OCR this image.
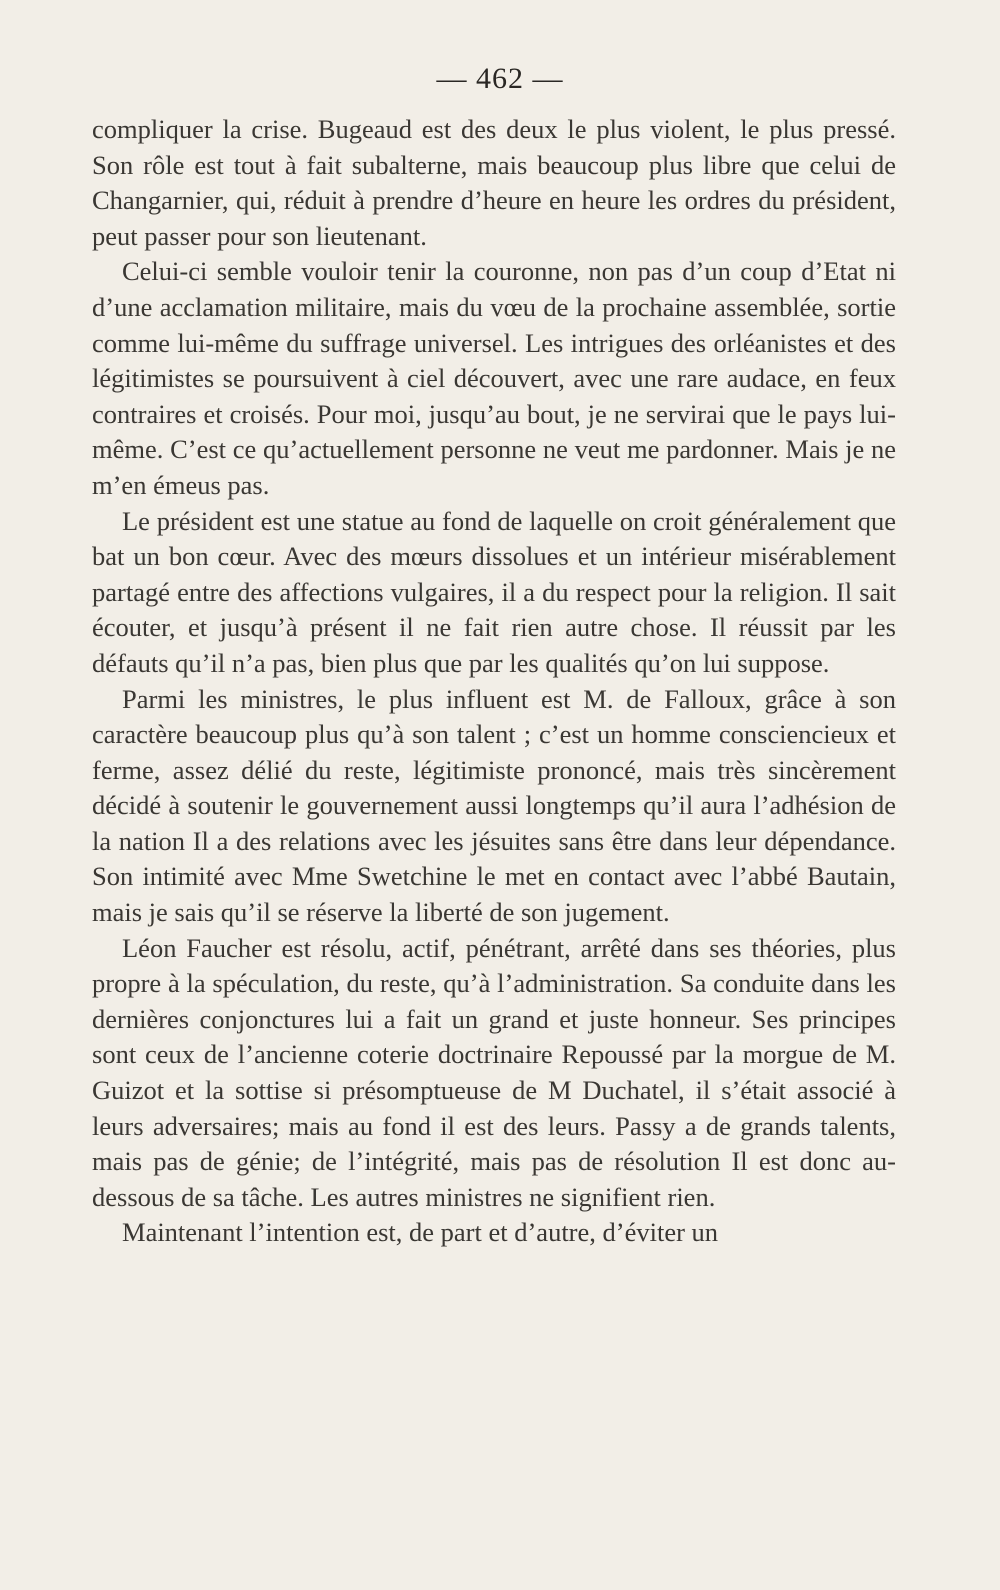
— 462 —

compliquer la crise. Bugeaud est des deux le plus violent, le plus pressé. Son rôle est tout à fait subalterne, mais beaucoup plus libre que celui de Changarnier, qui, réduit à prendre d’heure en heure les ordres du président, peut passer pour son lieutenant.

Celui-ci semble vouloir tenir la couronne, non pas d’un coup d’Etat ni d’une acclamation militaire, mais du vœu de la prochaine assemblée, sortie comme lui-même du suffrage universel. Les intrigues des orléanistes et des légitimistes se poursuivent à ciel découvert, avec une rare audace, en feux contraires et croisés. Pour moi, jusqu’au bout, je ne servirai que le pays lui-même. C’est ce qu’actuellement personne ne veut me pardonner. Mais je ne m’en émeus pas.

Le président est une statue au fond de laquelle on croit généralement que bat un bon cœur. Avec des mœurs dissolues et un intérieur misérablement partagé entre des affections vulgaires, il a du respect pour la religion. Il sait écouter, et jusqu’à présent il ne fait rien autre chose. Il réussit par les défauts qu’il n’a pas, bien plus que par les qualités qu’on lui suppose.

Parmi les ministres, le plus influent est M. de Falloux, grâce à son caractère beaucoup plus qu’à son talent ; c’est un homme consciencieux et ferme, assez délié du reste, légitimiste prononcé, mais très sincèrement décidé à soutenir le gouvernement aussi longtemps qu’il aura l’adhésion de la nation Il a des relations avec les jésuites sans être dans leur dépendance. Son intimité avec Mme Swetchine le met en contact avec l’abbé Bautain, mais je sais qu’il se réserve la liberté de son jugement.

Léon Faucher est résolu, actif, pénétrant, arrêté dans ses théories, plus propre à la spéculation, du reste, qu’à l’administration. Sa conduite dans les dernières conjonctures lui a fait un grand et juste honneur. Ses principes sont ceux de l’ancienne coterie doctrinaire Repoussé par la morgue de M. Guizot et la sottise si présomptueuse de M Duchatel, il s’était associé à leurs adversaires; mais au fond il est des leurs. Passy a de grands talents, mais pas de génie; de l’intégrité, mais pas de résolution Il est donc au-dessous de sa tâche. Les autres ministres ne signifient rien.

Maintenant l’intention est, de part et d’autre, d’éviter un
